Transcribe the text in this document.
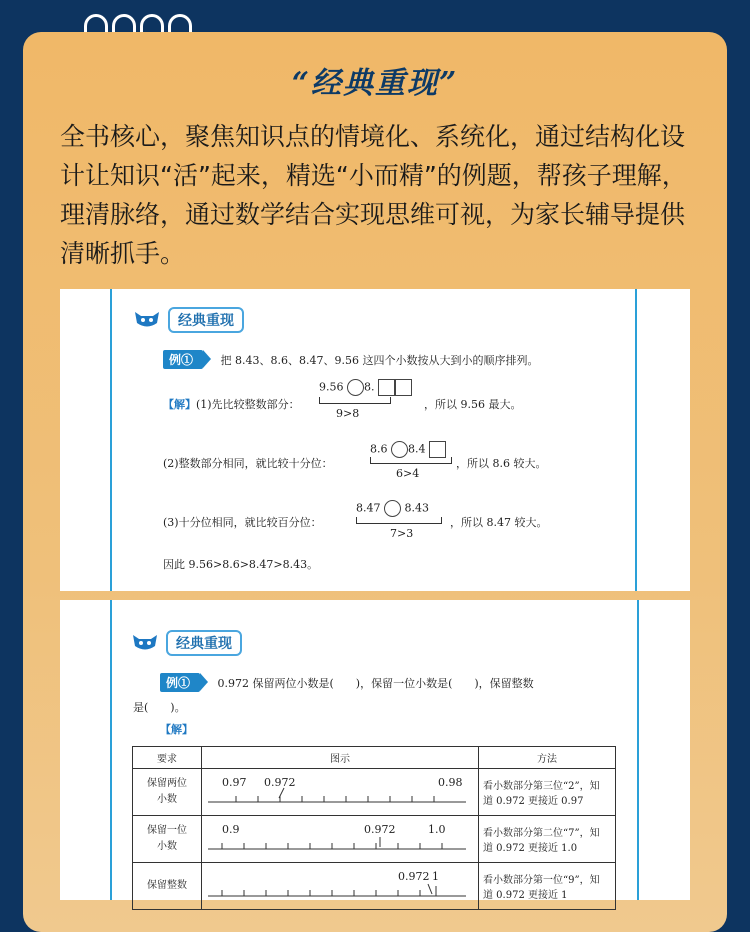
“经典重现”
全书核心，聚焦知识点的情境化、系统化，通过结构化设计让知识“活”起来，精选“小而精”的例题，帮孩子理解，理清脉络，通过数学结合实现思维可视，为家长辅导提供清晰抓手。
经典重现
例①	把 8.43、8.6、8.47、9.56 这四个小数按从大到小的顺序排列。
9.56 8.
【解】(1)先比较整数部分：
9>8
，所以 9.56 最大。
8.6 8.4
(2)整数部分相同，就比较十分位：
6>4
，所以 8.6 较大。
8.47 8.43
(3)十分位相同，就比较百分位：
7>3
，所以 8.47 较大。
因此 9.56>8.6>8.47>8.43。
经典重现
例①	0.972 保留两位小数是(　　)，保留一位小数是(　　)，保留整数
是(　　)。
【解】
要求	图示	方法
保留两位
小数	0.97 0.972 0.98	看小数部分第三位“2”，知
道 0.972 更接近 0.97
保留一位
小数	0.9 0.972 1.0	看小数部分第二位“7”，知
道 0.972 更接近 1.0
保留整数	0.972 1	看小数部分第一位“9”，知
道 0.972 更接近 1
